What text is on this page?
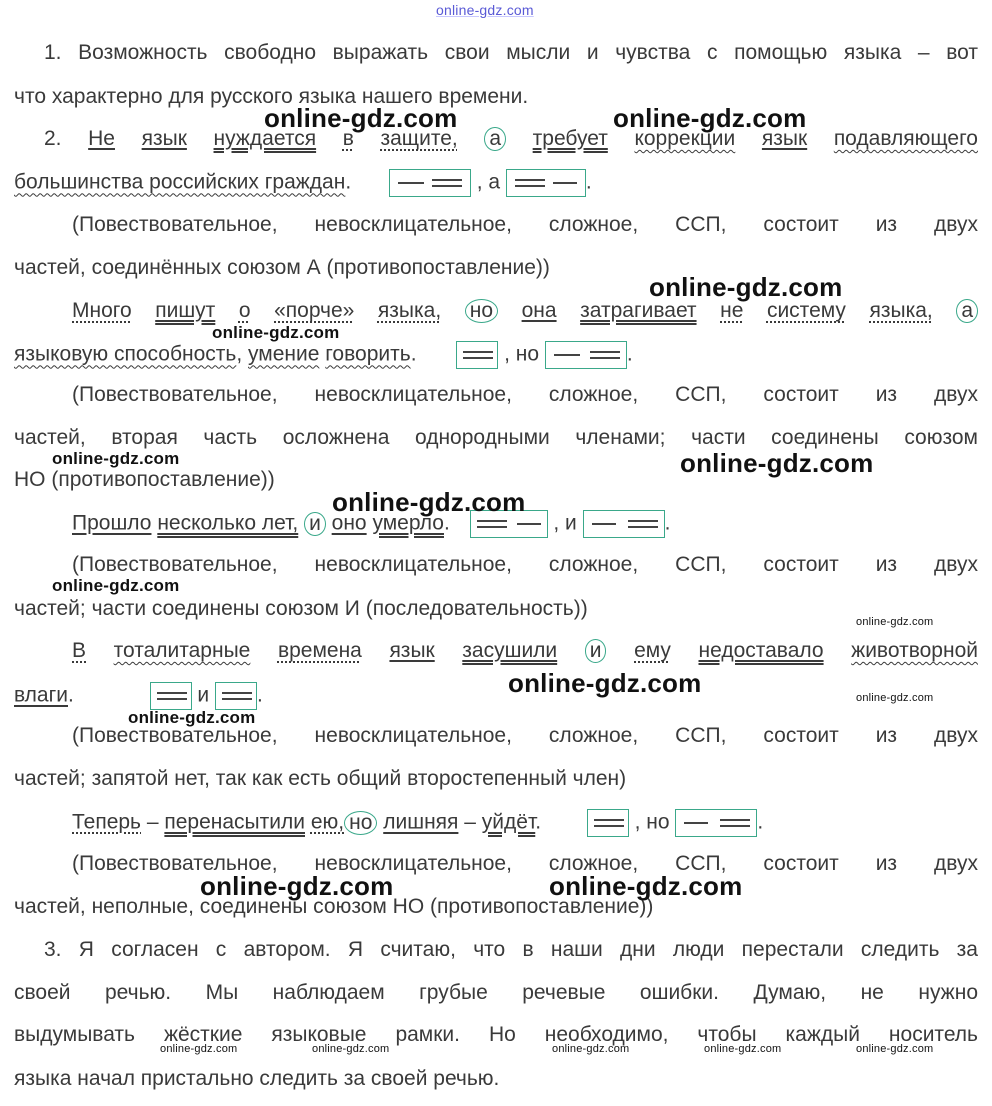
online-gdz.com

1. Возможность свободно выражать свои мысли и чувства с помощью языка – вот

что характерно для русского языка нашего времени.

2. Не язык нуждается в защите, а требует коррекции язык подавляющего

большинства российских граждан.	, а	.

(Повествовательное, невосклицательное, сложное, ССП, состоит из двух

частей, соединённых союзом А (противопоставление))

Много пишут о «порче» языка, но она затрагивает не систему языка, а

языковую способность, умение говорить.	, но	.

(Повествовательное, невосклицательное, сложное, ССП, состоит из двух

частей, вторая часть осложнена однородными членами; части соединены союзом

НО (противопоставление))

Прошло несколько лет, и оно умерло.	, и	.

(Повествовательное, невосклицательное, сложное, ССП, состоит из двух

частей; части соединены союзом И (последовательность))

В тоталитарные времена язык засушили и ему недоставало животворной

влаги.	и .

(Повествовательное, невосклицательное, сложное, ССП, состоит из двух

частей; запятой нет, так как есть общий второстепенный член)

Теперь – перенасытили ею, но лишняя – уйдёт.	, но	.

(Повествовательное, невосклицательное, сложное, ССП, состоит из двух

частей, неполные, соединены союзом НО (противопоставление))

3. Я согласен с автором. Я считаю, что в наши дни люди перестали следить за

своей речью. Мы наблюдаем грубые речевые ошибки. Думаю, не нужно

выдумывать жёсткие языковые рамки. Но необходимо, чтобы каждый носитель

языка начал пристально следить за своей речью.

online-gdz.com	online-gdz.com
online-gdz.com
online-gdz.com
online-gdz.com	online-gdz.com
online-gdz.com
online-gdz.com
online-gdz.com
online-gdz.com	online-gdz.com
online-gdz.com
online-gdz.com	online-gdz.com
online-gdz.com	online-gdz.com	online-gdz.com	online-gdz.com	online-gdz.com
